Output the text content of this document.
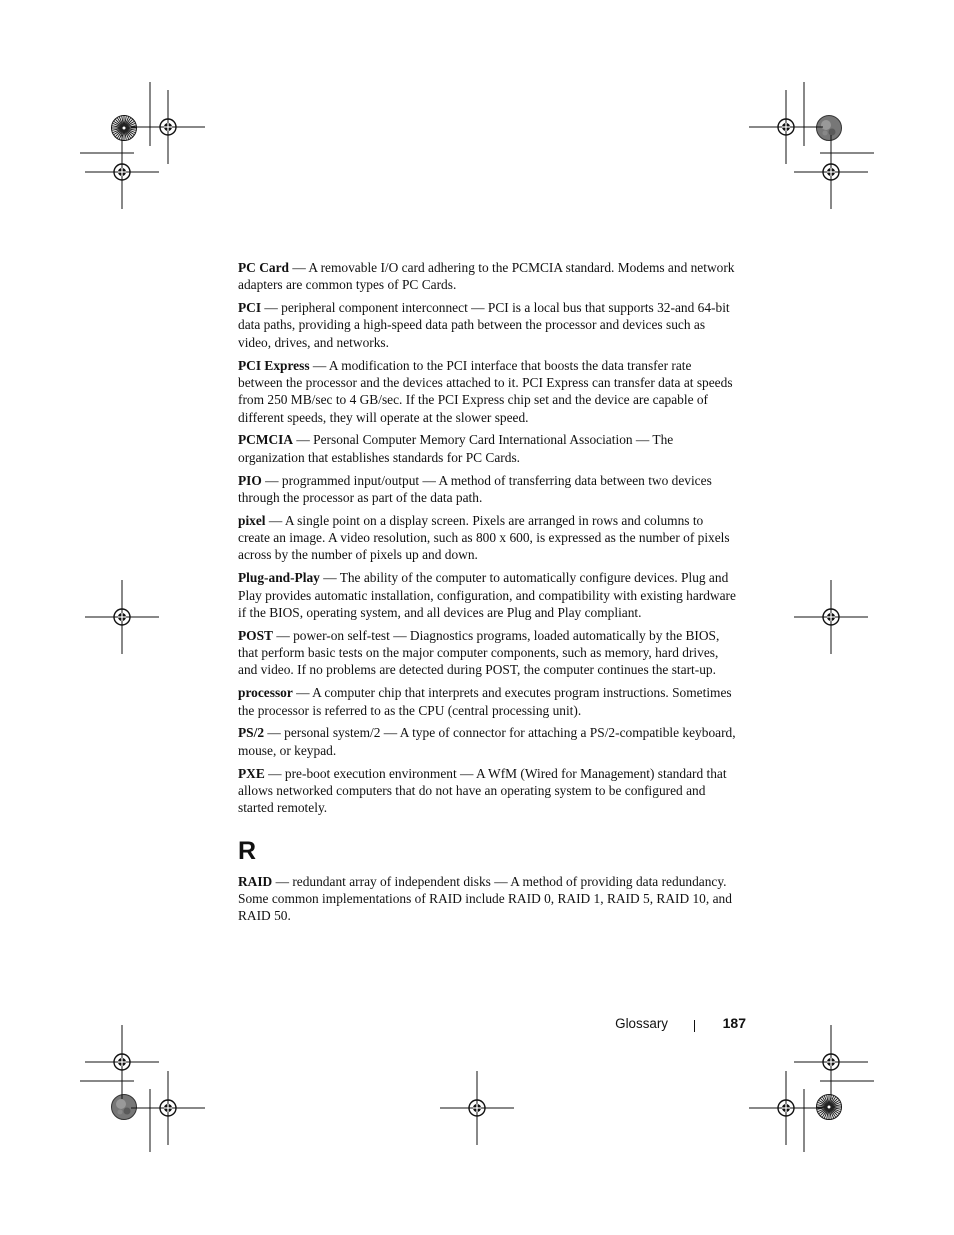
PC Card — A removable I/O card adhering to the PCMCIA standard. Modems and network adapters are common types of PC Cards.

PCI — peripheral component interconnect — PCI is a local bus that supports 32-and 64-bit data paths, providing a high-speed data path between the processor and devices such as video, drives, and networks.

PCI Express — A modification to the PCI interface that boosts the data transfer rate between the processor and the devices attached to it. PCI Express can transfer data at speeds from 250 MB/sec to 4 GB/sec. If the PCI Express chip set and the device are capable of different speeds, they will operate at the slower speed.

PCMCIA — Personal Computer Memory Card International Association — The organization that establishes standards for PC Cards.

PIO — programmed input/output — A method of transferring data between two devices through the processor as part of the data path.

pixel — A single point on a display screen. Pixels are arranged in rows and columns to create an image. A video resolution, such as 800 x 600, is expressed as the number of pixels across by the number of pixels up and down.

Plug-and-Play — The ability of the computer to automatically configure devices. Plug and Play provides automatic installation, configuration, and compatibility with existing hardware if the BIOS, operating system, and all devices are Plug and Play compliant.

POST — power-on self-test — Diagnostics programs, loaded automatically by the BIOS, that perform basic tests on the major computer components, such as memory, hard drives, and video. If no problems are detected during POST, the computer continues the start-up.

processor — A computer chip that interprets and executes program instructions. Sometimes the processor is referred to as the CPU (central processing unit).

PS/2 — personal system/2 — A type of connector for attaching a PS/2-compatible keyboard, mouse, or keypad.

PXE — pre-boot execution environment — A WfM (Wired for Management) standard that allows networked computers that do not have an operating system to be configured and started remotely.

R

RAID — redundant array of independent disks — A method of providing data redundancy. Some common implementations of RAID include RAID 0, RAID 1, RAID 5, RAID 10, and RAID 50.

Glossary	187
